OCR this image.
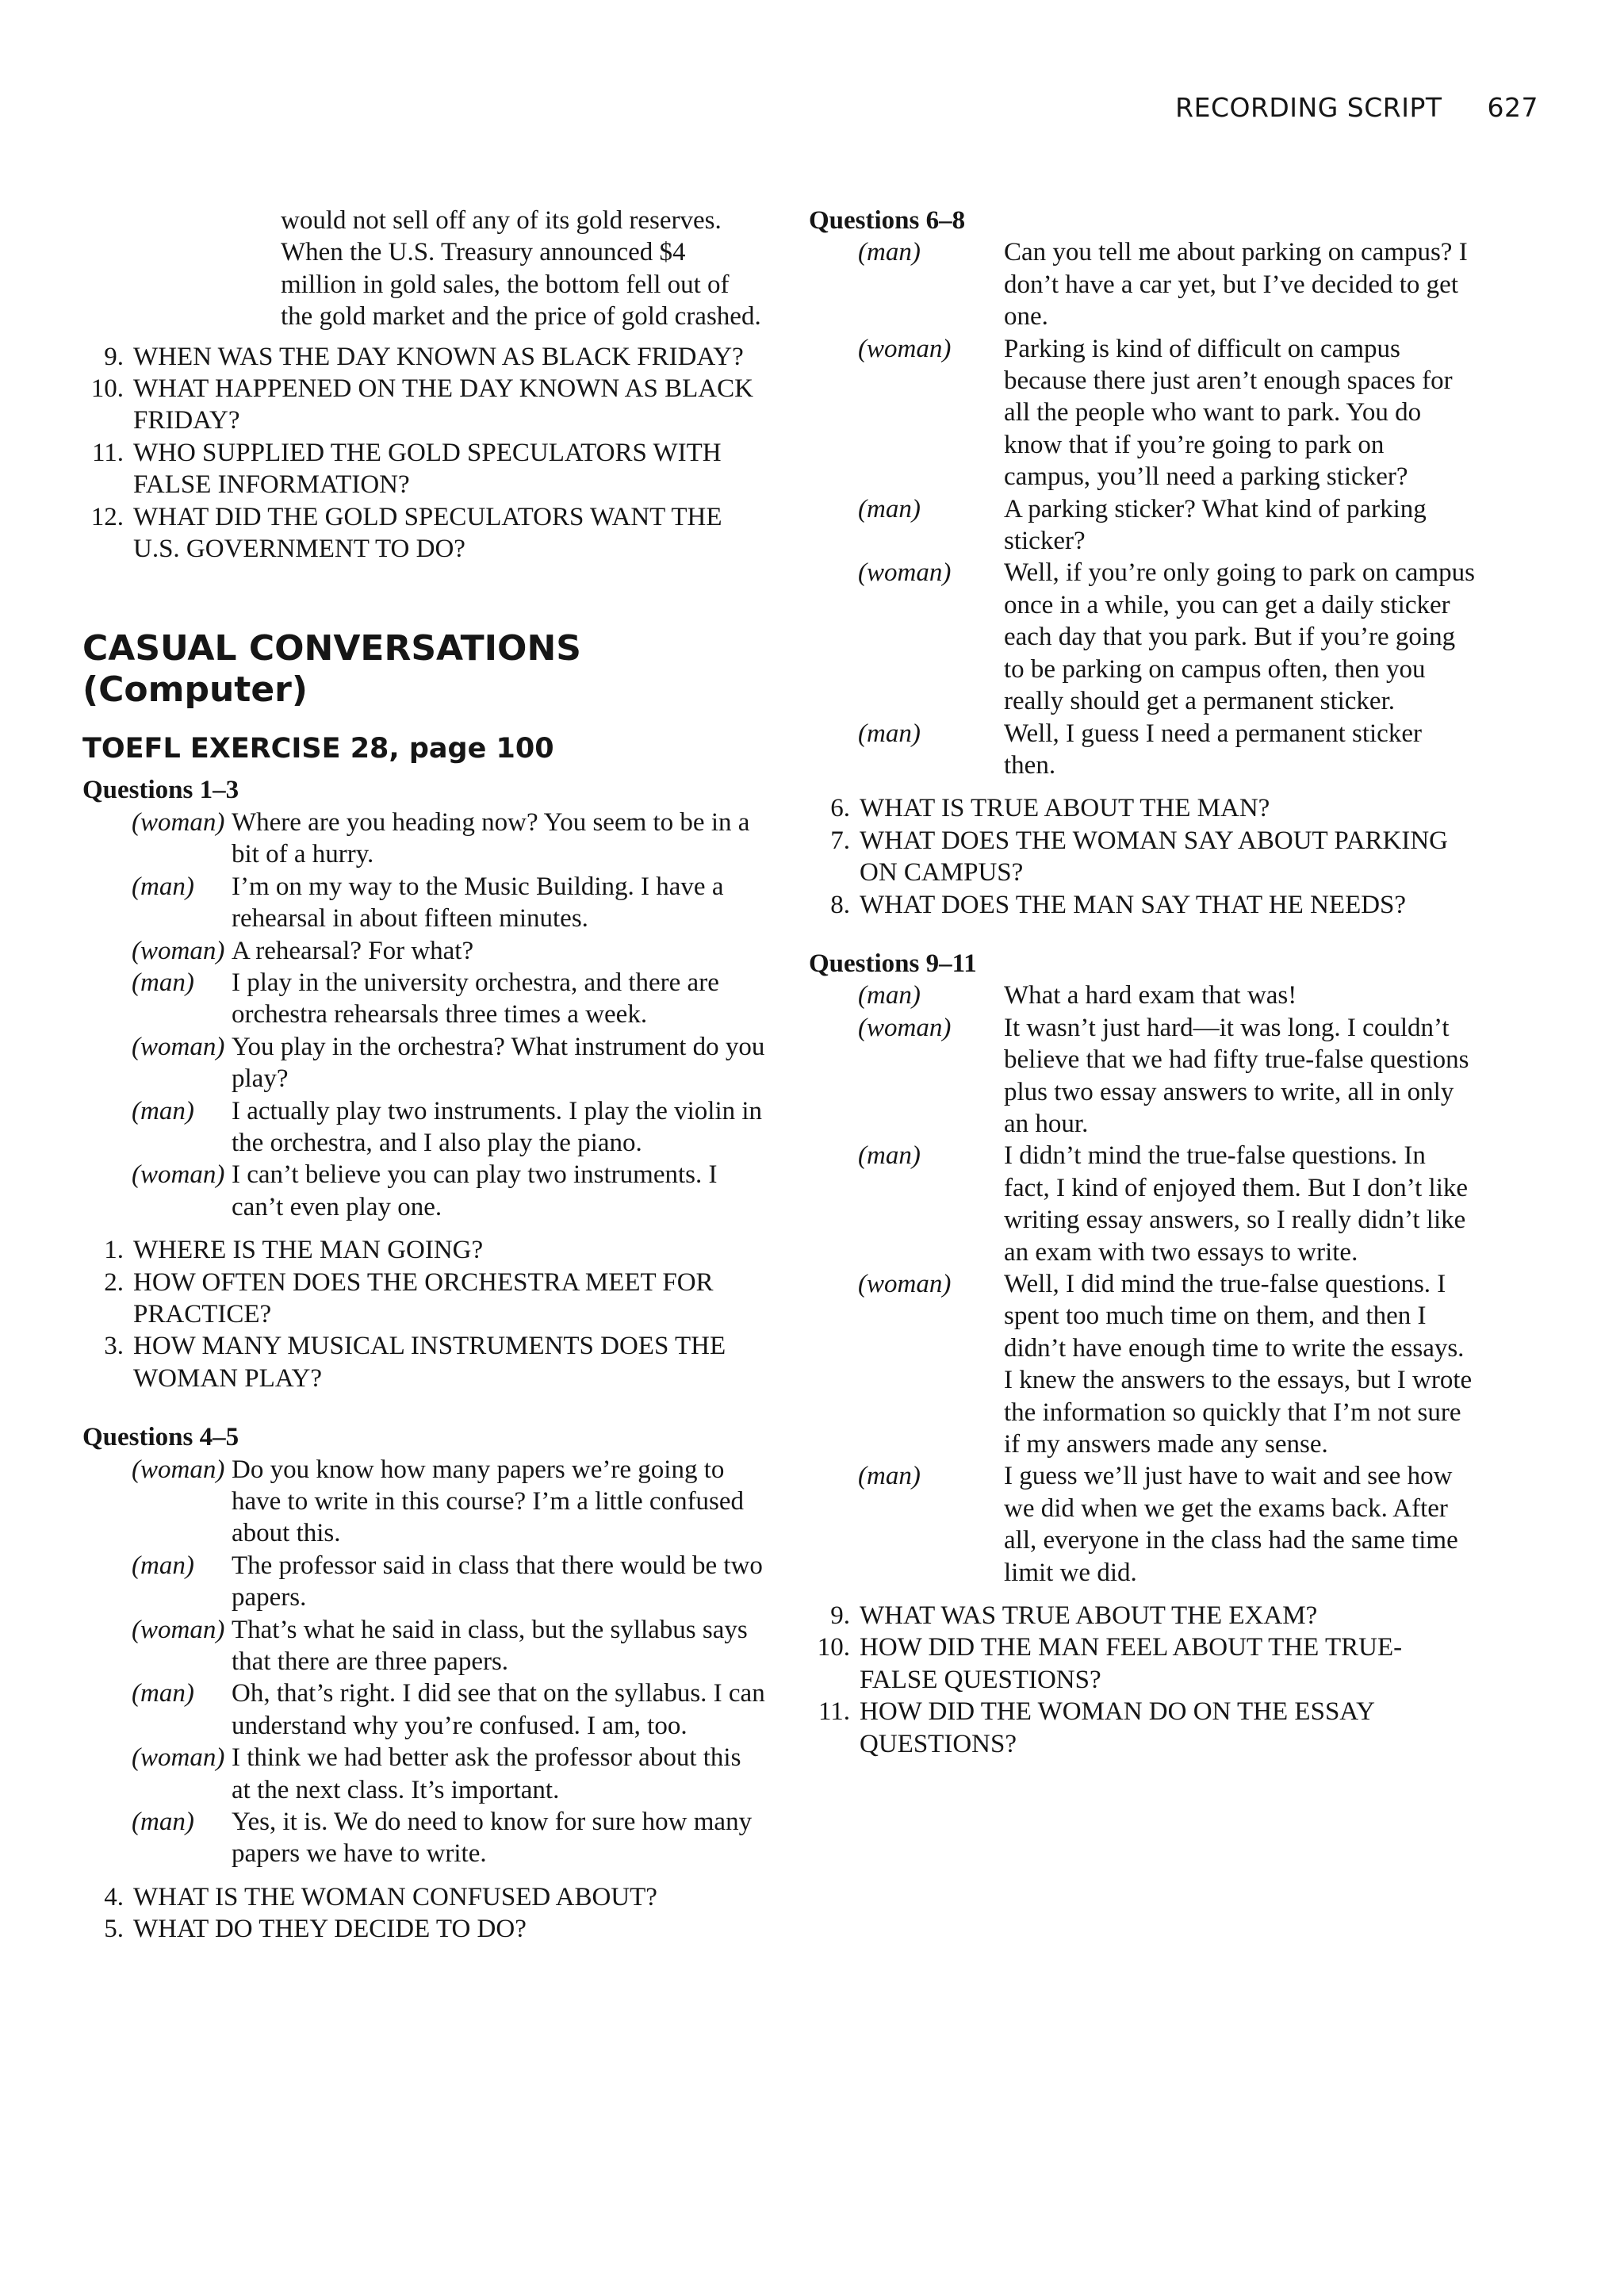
RECORDING SCRIPT 627

would not sell off any of its gold reserves. When the U.S. Treasury announced $4 million in gold sales, the bottom fell out of the gold market and the price of gold crashed.

9. WHEN WAS THE DAY KNOWN AS BLACK FRIDAY?
10. WHAT HAPPENED ON THE DAY KNOWN AS BLACK FRIDAY?
11. WHO SUPPLIED THE GOLD SPECULATORS WITH FALSE INFORMATION?
12. WHAT DID THE GOLD SPECULATORS WANT THE U.S. GOVERNMENT TO DO?
CASUAL CONVERSATIONS
(Computer)
TOEFL EXERCISE 28, page 100
Questions 1–3
(woman) Where are you heading now? You seem to be in a bit of a hurry.
(man)	I’m on my way to the Music Building. I have a rehearsal in about fifteen minutes.
(woman) A rehearsal? For what?
(man)	I play in the university orchestra, and there are orchestra rehearsals three times a week.
(woman) You play in the orchestra? What instrument do you play?
(man)	I actually play two instruments. I play the violin in the orchestra, and I also play the piano.
(woman) I can’t believe you can play two instruments. I can’t even play one.
1. WHERE IS THE MAN GOING?
2. HOW OFTEN DOES THE ORCHESTRA MEET FOR PRACTICE?
3. HOW MANY MUSICAL INSTRUMENTS DOES THE WOMAN PLAY?
Questions 4–5
(woman) Do you know how many papers we’re going to have to write in this course? I’m a little confused about this.
(man)	The professor said in class that there would be two papers.
(woman) That’s what he said in class, but the syllabus says that there are three papers.
(man)	Oh, that’s right. I did see that on the syllabus. I can understand why you’re confused. I am, too.
(woman) I think we had better ask the professor about this at the next class. It’s important.
(man)	Yes, it is. We do need to know for sure how many papers we have to write.
4. WHAT IS THE WOMAN CONFUSED ABOUT?
5. WHAT DO THEY DECIDE TO DO?
Questions 6–8
(man)	Can you tell me about parking on campus? I don’t have a car yet, but I’ve decided to get one.
(woman)	Parking is kind of difficult on campus because there just aren’t enough spaces for all the people who want to park. You do know that if you’re going to park on campus, you’ll need a parking sticker?
(man)	A parking sticker? What kind of parking sticker?
(woman)	Well, if you’re only going to park on campus once in a while, you can get a daily sticker each day that you park. But if you’re going to be parking on campus often, then you really should get a permanent sticker.
(man)	Well, I guess I need a permanent sticker then.
6. WHAT IS TRUE ABOUT THE MAN?
7. WHAT DOES THE WOMAN SAY ABOUT PARKING ON CAMPUS?
8. WHAT DOES THE MAN SAY THAT HE NEEDS?
Questions 9–11
(man)	What a hard exam that was!
(woman)	It wasn’t just hard—it was long. I couldn’t believe that we had fifty true-false questions plus two essay answers to write, all in only an hour.
(man)	I didn’t mind the true-false questions. In fact, I kind of enjoyed them. But I don’t like writing essay answers, so I really didn’t like an exam with two essays to write.
(woman)	Well, I did mind the true-false questions. I spent too much time on them, and then I didn’t have enough time to write the essays. I knew the answers to the essays, but I wrote the information so quickly that I’m not sure if my answers made any sense.
(man)	I guess we’ll just have to wait and see how we did when we get the exams back. After all, everyone in the class had the same time limit we did.
9. WHAT WAS TRUE ABOUT THE EXAM?
10. HOW DID THE MAN FEEL ABOUT THE TRUE-FALSE QUESTIONS?
11. HOW DID THE WOMAN DO ON THE ESSAY QUESTIONS?
